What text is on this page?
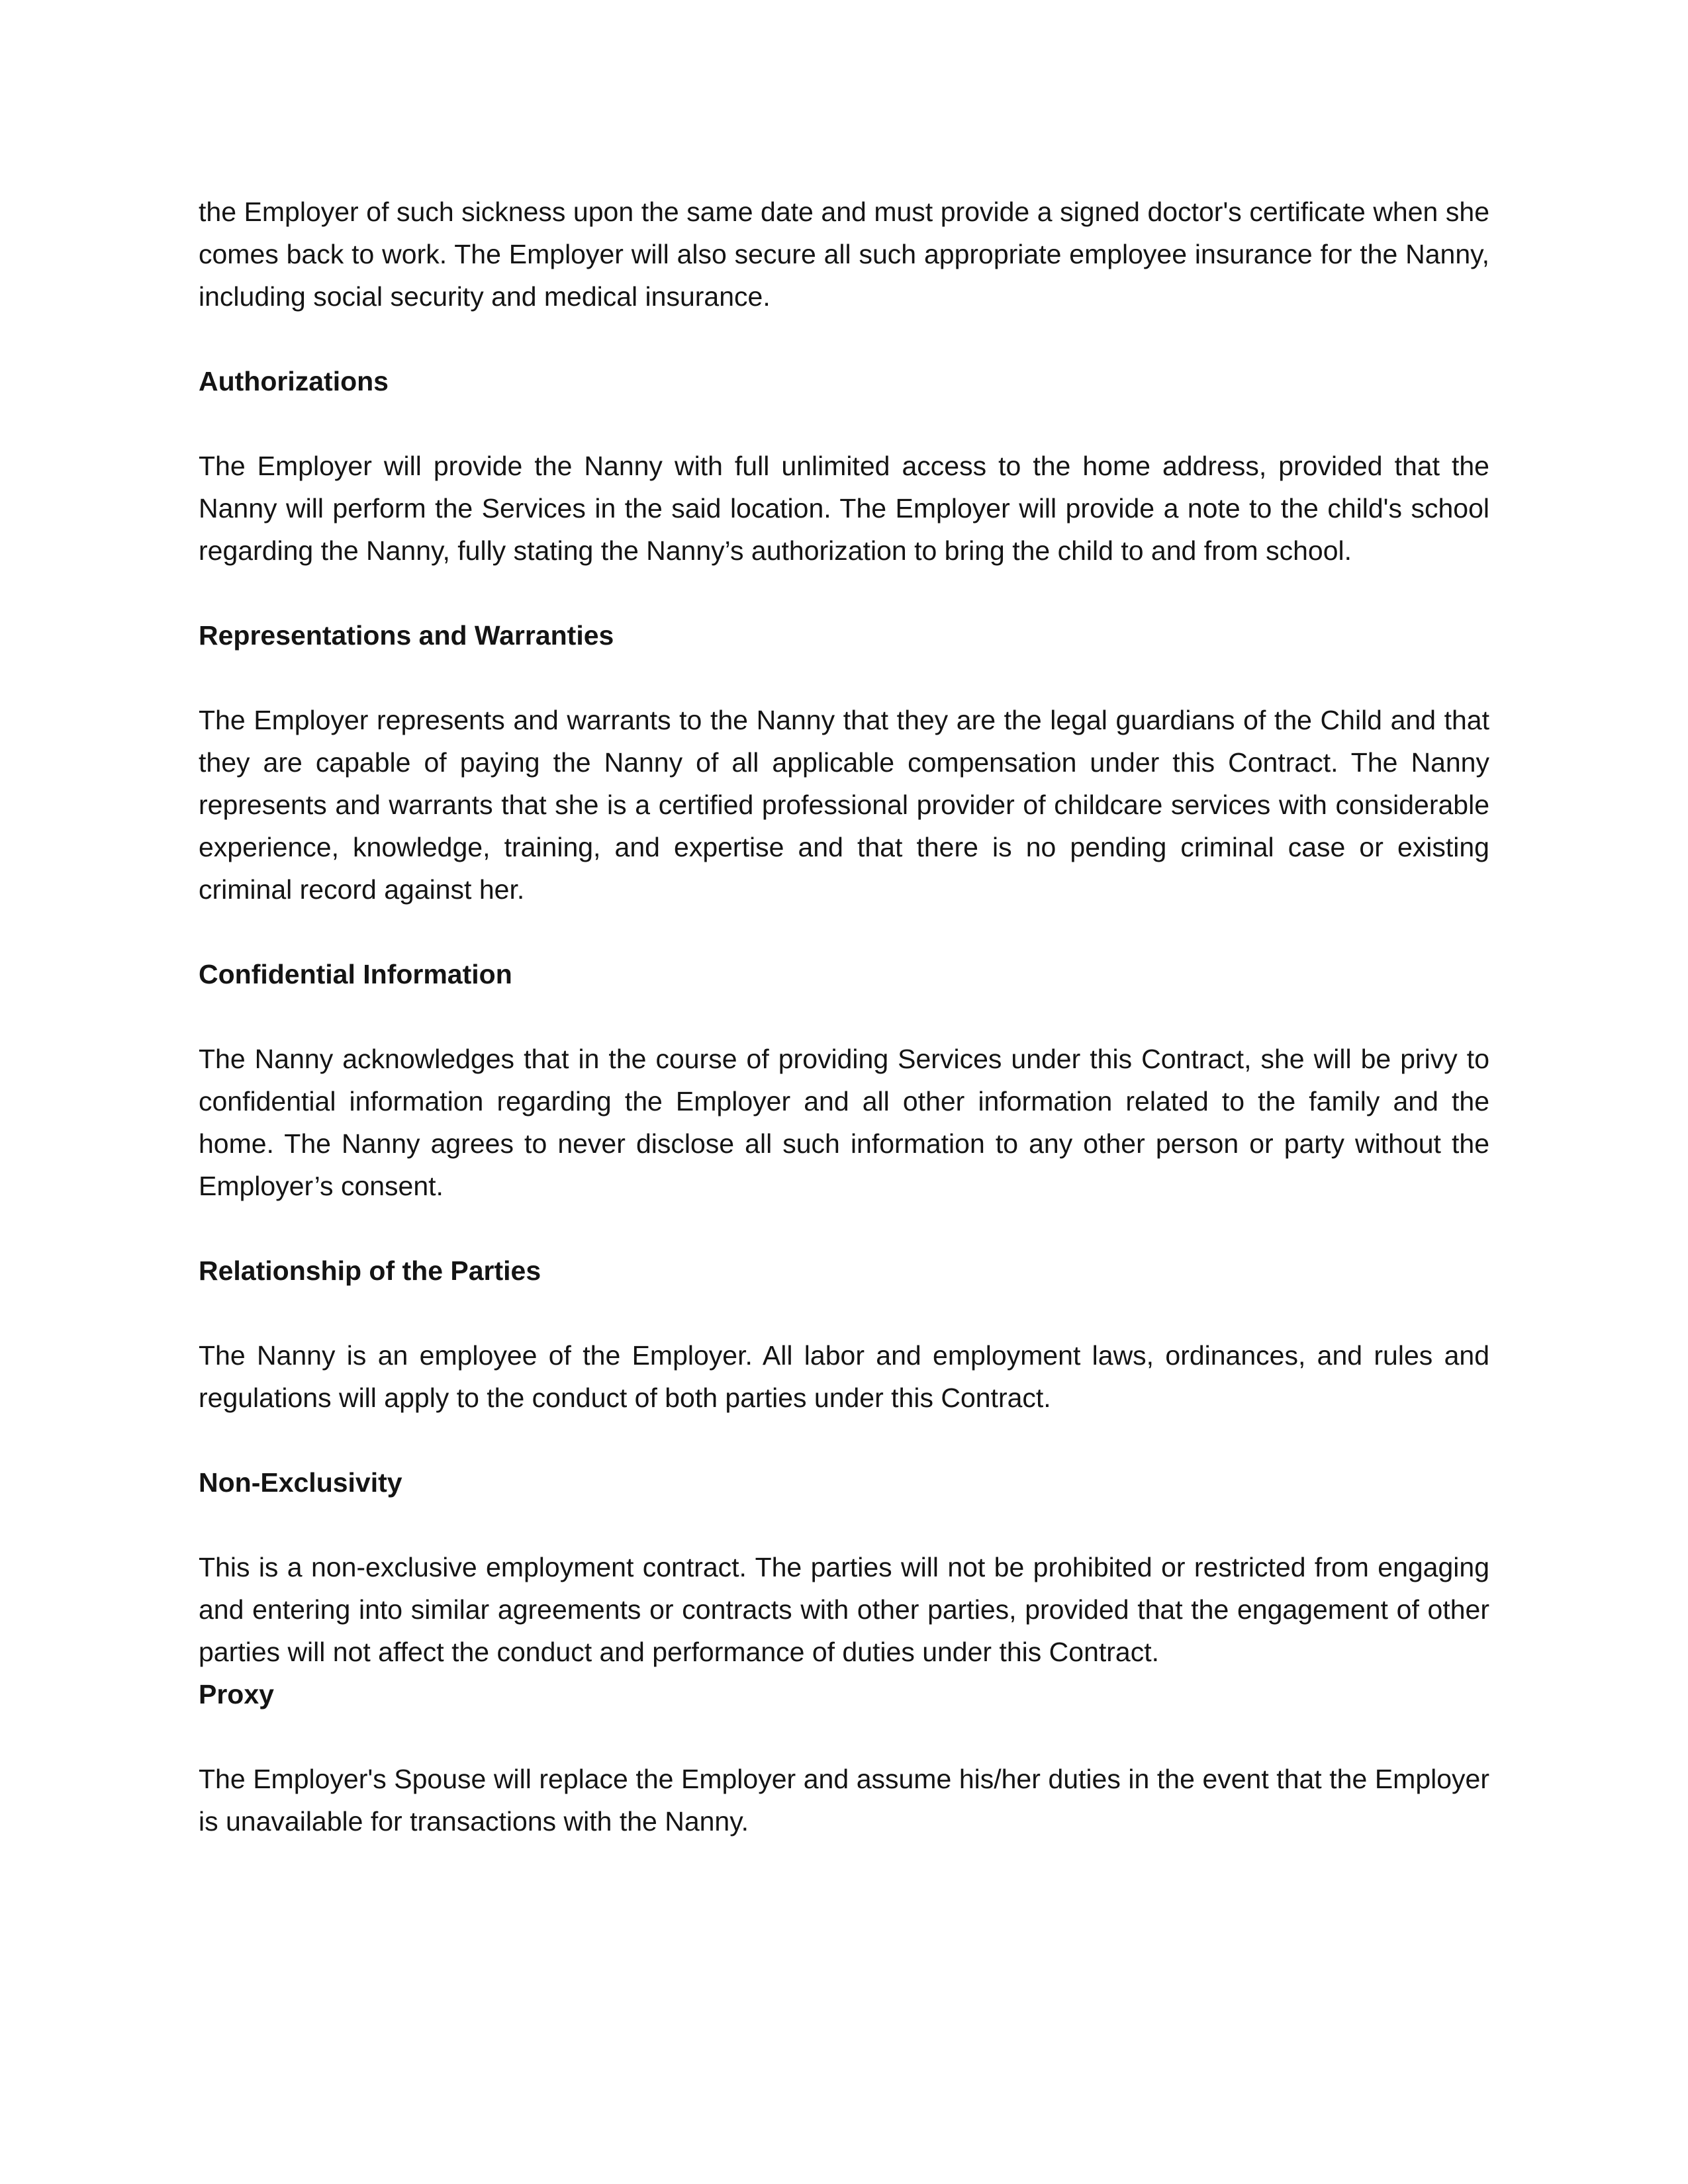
the Employer of such sickness upon the same date and must provide a signed doctor's certificate when she comes back to work. The Employer will also secure all such appropriate employee insurance for the Nanny, including social security and medical insurance.

Authorizations

The Employer will provide the Nanny with full unlimited access to the home address, provided that the Nanny will perform the Services in the said location. The Employer will provide a note to the child's school regarding the Nanny, fully stating the Nanny’s authorization to bring the child to and from school.

Representations and Warranties

The Employer represents and warrants to the Nanny that they are the legal guardians of the Child and that they are capable of paying the Nanny of all applicable compensation under this Contract. The Nanny represents and warrants that she is a certified professional provider of childcare services with considerable experience, knowledge, training, and expertise and that there is no pending criminal case or existing criminal record against her.

Confidential Information

The Nanny acknowledges that in the course of providing Services under this Contract, she will be privy to confidential information regarding the Employer and all other information related to the family and the home. The Nanny agrees to never disclose all such information to any other person or party without the Employer’s consent.

Relationship of the Parties

The Nanny is an employee of the Employer. All labor and employment laws, ordinances, and rules and regulations will apply to the conduct of both parties under this Contract.

Non-Exclusivity

This is a non-exclusive employment contract. The parties will not be prohibited or restricted from engaging and entering into similar agreements or contracts with other parties, provided that the engagement of other parties will not affect the conduct and performance of duties under this Contract.

Proxy

The Employer's Spouse will replace the Employer and assume his/her duties in the event that the Employer is unavailable for transactions with the Nanny.
